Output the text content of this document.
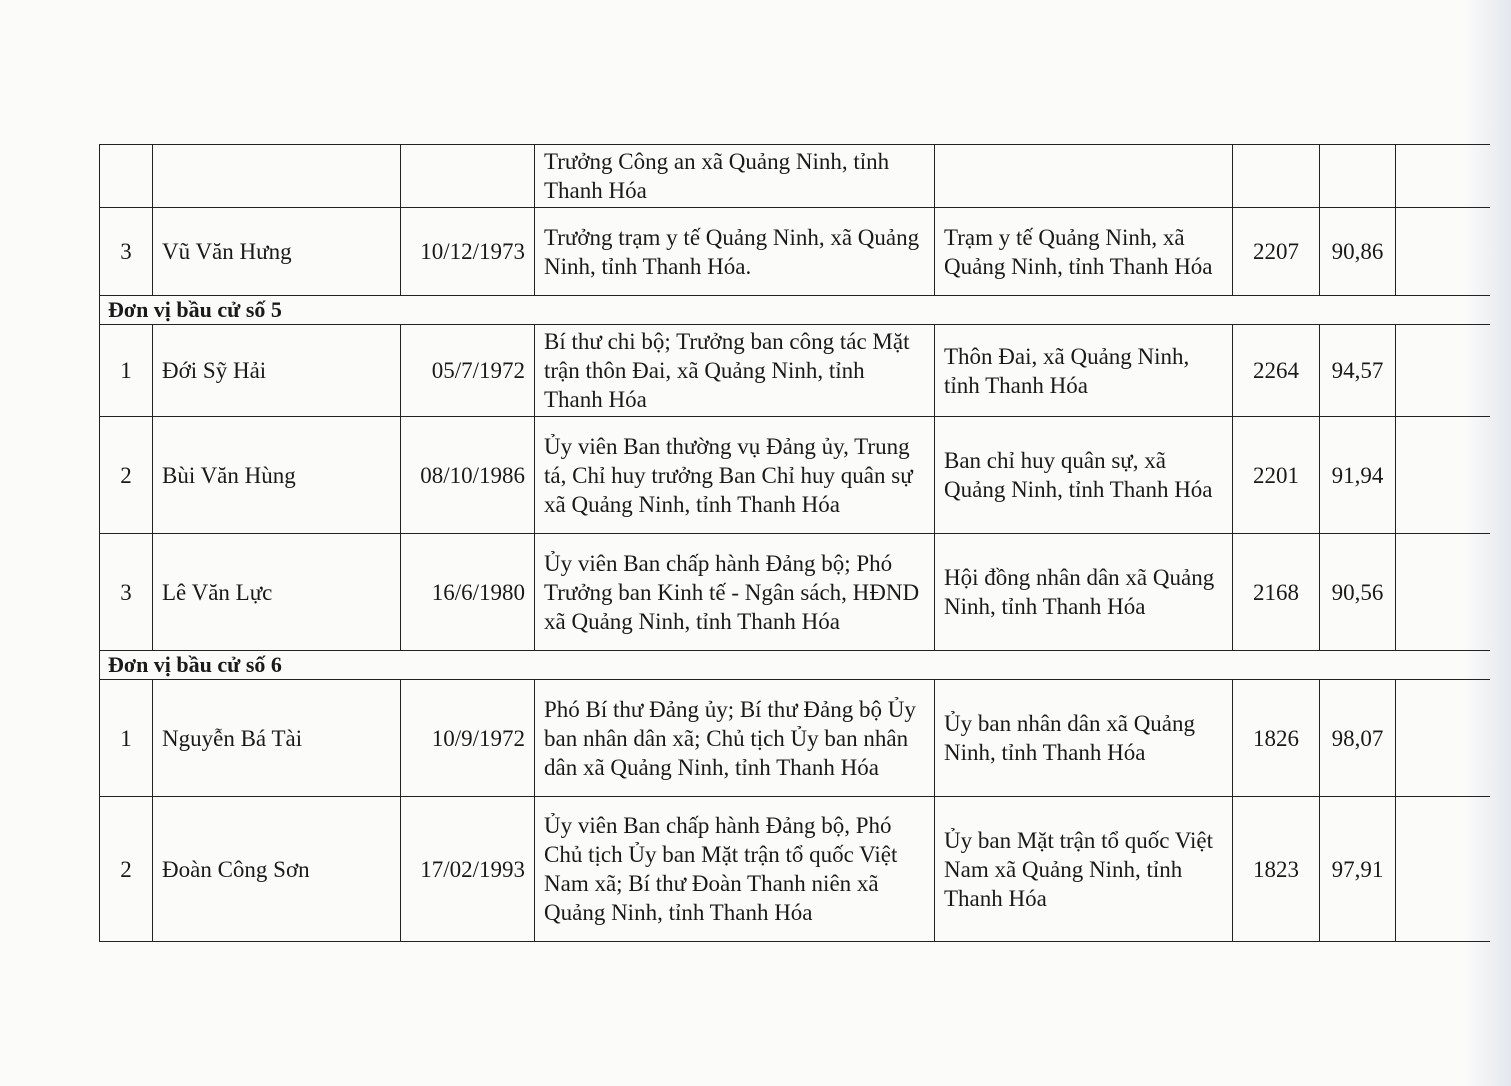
			Trưởng Công an xã Quảng Ninh, tỉnh Thanh Hóa				
3	Vũ Văn Hưng	10/12/1973	Trưởng trạm y tế Quảng Ninh, xã Quảng Ninh, tỉnh Thanh Hóa.	Trạm y tế Quảng Ninh, xã Quảng Ninh, tỉnh Thanh Hóa	2207	90,86	
Đơn vị bầu cử số 5							
1	Đới Sỹ Hải	05/7/1972	Bí thư chi bộ; Trưởng ban công tác Mặt trận thôn Đai, xã Quảng Ninh, tỉnh Thanh Hóa	Thôn Đai, xã Quảng Ninh, tỉnh Thanh Hóa	2264	94,57	
2	Bùi Văn Hùng	08/10/1986	Ủy viên Ban thường vụ Đảng ủy, Trung tá, Chỉ huy trưởng Ban Chỉ huy quân sự xã Quảng Ninh, tỉnh Thanh Hóa	Ban chỉ huy quân sự, xã Quảng Ninh, tỉnh Thanh Hóa	2201	91,94	
3	Lê Văn Lực	16/6/1980	Ủy viên Ban chấp hành Đảng bộ; Phó Trưởng ban Kinh tế - Ngân sách, HĐND xã Quảng Ninh, tỉnh Thanh Hóa	Hội đồng nhân dân xã Quảng Ninh, tỉnh Thanh Hóa	2168	90,56	
Đơn vị bầu cử số 6							
1	Nguyễn Bá Tài	10/9/1972	Phó Bí thư Đảng ủy; Bí thư Đảng bộ Ủy ban nhân dân xã; Chủ tịch Ủy ban nhân dân xã Quảng Ninh, tỉnh Thanh Hóa	Ủy ban nhân dân xã Quảng Ninh, tỉnh Thanh Hóa	1826	98,07	
2	Đoàn Công Sơn	17/02/1993	Ủy viên Ban chấp hành Đảng bộ, Phó Chủ tịch Ủy ban Mặt trận tổ quốc Việt Nam xã; Bí thư Đoàn Thanh niên xã Quảng Ninh, tỉnh Thanh Hóa	Ủy ban Mặt trận tổ quốc Việt Nam xã Quảng Ninh, tỉnh Thanh Hóa	1823	97,91	
